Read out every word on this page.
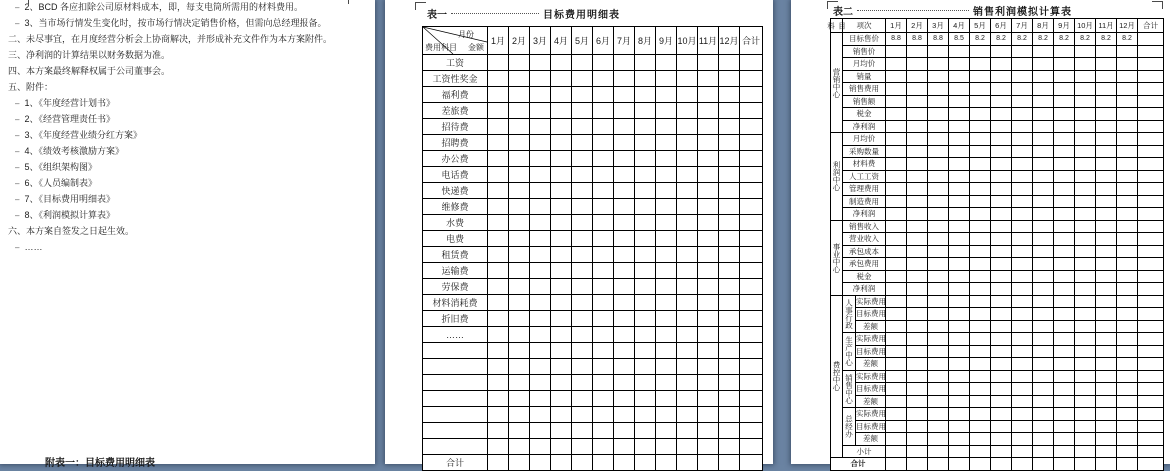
– 2、BCD 各应扣除公司原材料成本，即，每支电筒所需用的材料费用。
– 3、当市场行情发生变化时，按市场行情决定销售价格，但需向总经理报备。
二、未尽事宜，在月度经营分析会上协商解决，并形成补充文件作为本方案附件。
三、净利润的计算结果以财务数据为准。
四、本方案最终解释权属于公司董事会。
五、附件：
– 1、《年度经营计划书》
– 2、《经营管理责任书》
– 3、《年度经营业绩分红方案》
– 4、《绩效考核激励方案》
– 5、《组织架构图》
– 6、《人员编制表》
– 7、《目标费用明细表》
– 8、《利润模拟计算表》
六、本方案自签发之日起生效。
– ……
附表一：目标费用明细表
表一	目标费用明细表
月份
金额
费用科目	1月	2月	3月	4月	5月	6月	7月	8月	9月	10月	11月	12月	合计
工资													
工资性奖金													
福利费													
差旅费													
招待费													
招聘费													
办公费													
电话费													
快递费													
维修费													
水费													
电费													
租赁费													
运输费													
劳保费													
材料消耗费													
折旧费													
……													

合计													
表二	销售利润模拟计算表
科目	项次		1月	2月	3月	4月	5月	6月	7月	8月	9月	10月	11月	12月	合计
营销中心	目标售价		8.8	8.8	8.8	8.5	8.2	8.2	8.2	8.2	8.2	8.2	8.2	8.2	
	销售价														
	月均价														
	销量														
	销售费用														
	销售额														
	税金														
	净利润														
利润中心	月均价														
	采购数量														
	材料费														
	人工工资														
	管理费用														
	制造费用														
	净利润														
事业中心	销售收入														
	营业收入														
	承包成本														
	承包费用														
	税金														
	净利润														
费控中心	人事行政	实际费用													
		目标费用													
		差额													
	生产中心	实际费用													
		目标费用													
		差额													
	销售中心	实际费用													
		目标费用													
		差额													
	总经办	实际费用													
		目标费用													
		差额													
	小计														
合计															
